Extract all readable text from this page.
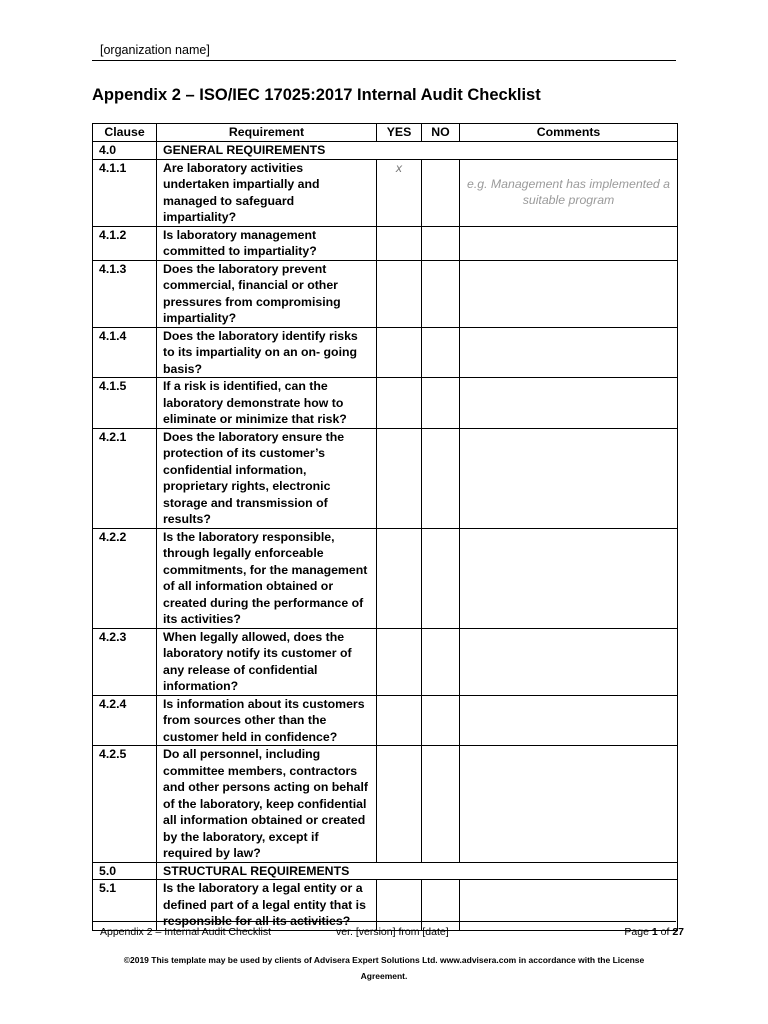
[organization name]
Appendix 2 – ISO/IEC 17025:2017 Internal Audit Checklist
Clause	Requirement	YES	NO	Comments
4.0	GENERAL REQUIREMENTS			
4.1.1	Are laboratory activities undertaken impartially and managed to safeguard impartiality?	x		e.g. Management has implemented a suitable program
4.1.2	Is laboratory management committed to impartiality?			
4.1.3	Does the laboratory prevent commercial, financial or other pressures from compromising impartiality?			
4.1.4	Does the laboratory identify risks to its impartiality on an on- going basis?			
4.1.5	If a risk is identified, can the laboratory demonstrate how to eliminate or minimize that risk?			
4.2.1	Does the laboratory ensure the protection of its customer’s confidential information, proprietary rights, electronic storage and transmission of results?			
4.2.2	Is the laboratory responsible, through legally enforceable commitments, for the management of all information obtained or created during the performance of its activities?			
4.2.3	When legally allowed, does the laboratory notify its customer of any release of confidential information?			
4.2.4	Is information about its customers from sources other than the customer held in confidence?			
4.2.5	Do all personnel, including committee members, contractors and other persons acting on behalf of the laboratory, keep confidential all information obtained or created by the laboratory, except if required by law?			
5.0	STRUCTURAL REQUIREMENTS			
5.1	Is the laboratory a legal entity or a defined part of a legal entity that is responsible for all its activities?			
Appendix 2 – Internal Audit Checklist	ver. [version] from [date]	Page 1 of 27
©2019 This template may be used by clients of Advisera Expert Solutions Ltd. www.advisera.com in accordance with the License Agreement.
